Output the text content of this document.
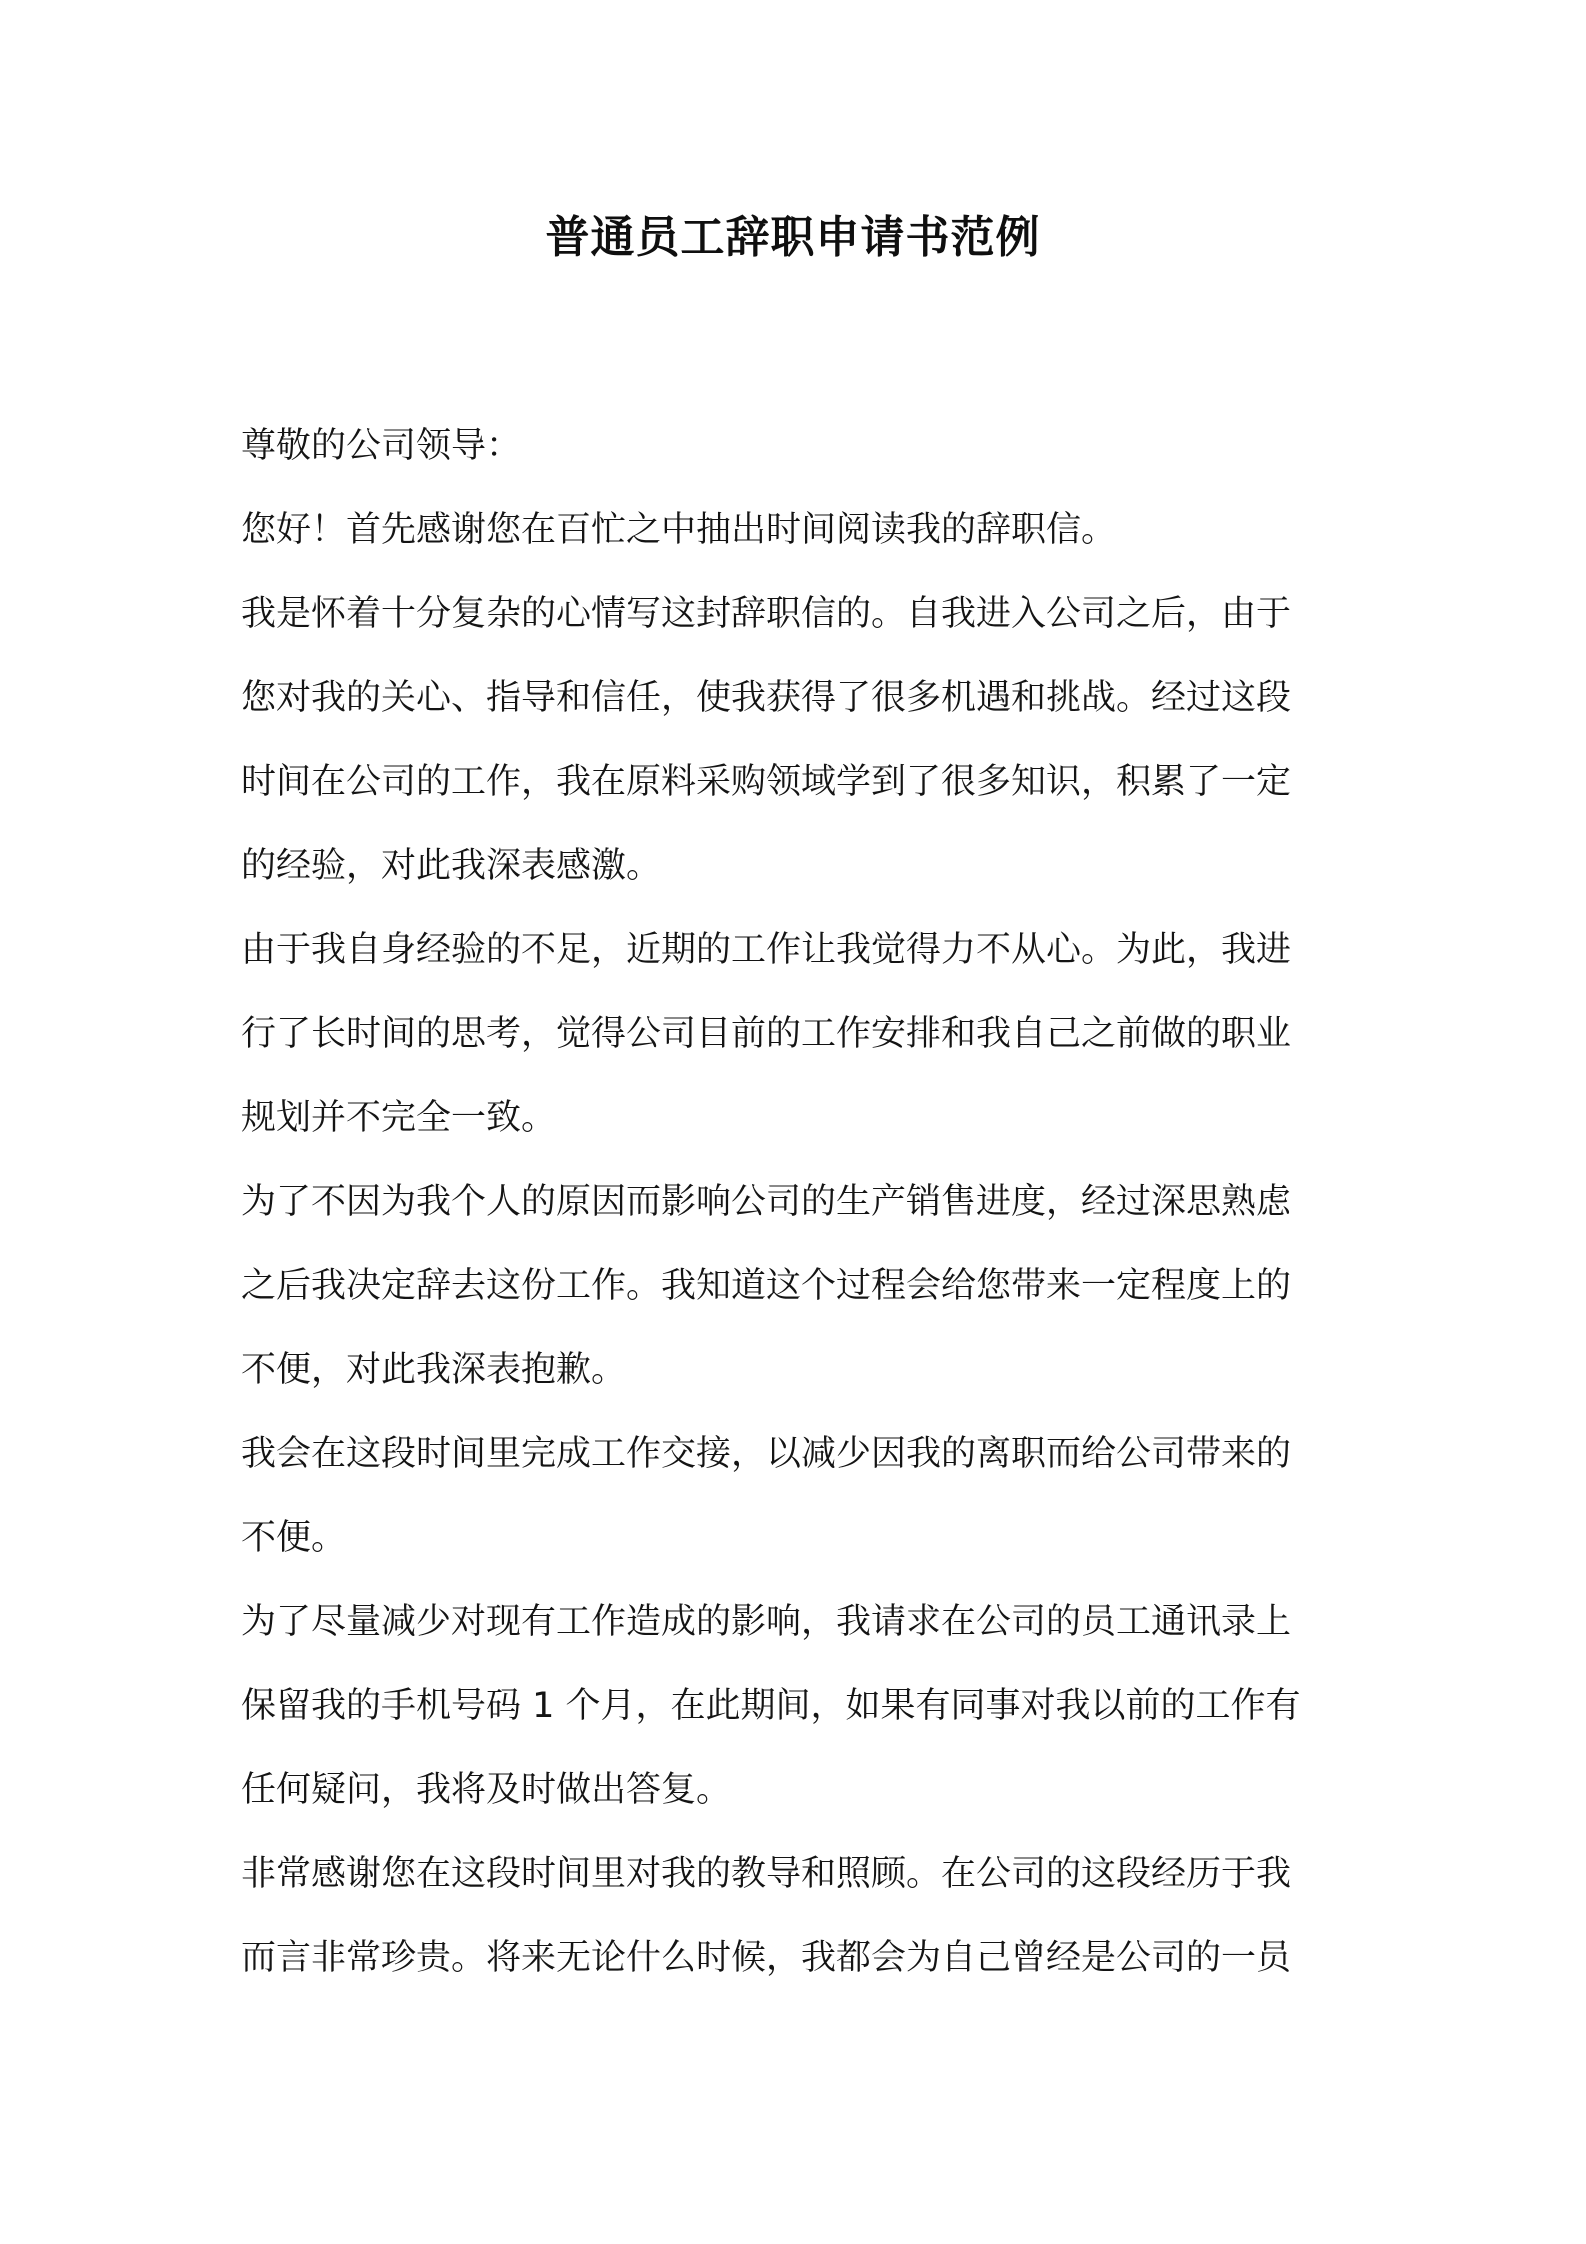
普通员工辞职申请书范例

尊敬的公司领导：

您好！首先感谢您在百忙之中抽出时间阅读我的辞职信。

我是怀着十分复杂的心情写这封辞职信的。自我进入公司之后，由于
您对我的关心、指导和信任，使我获得了很多机遇和挑战。经过这段
时间在公司的工作，我在原料采购领域学到了很多知识，积累了一定
的经验，对此我深表感激。

由于我自身经验的不足，近期的工作让我觉得力不从心。为此，我进
行了长时间的思考，觉得公司目前的工作安排和我自己之前做的职业
规划并不完全一致。

为了不因为我个人的原因而影响公司的生产销售进度，经过深思熟虑
之后我决定辞去这份工作。我知道这个过程会给您带来一定程度上的
不便，对此我深表抱歉。

我会在这段时间里完成工作交接，以减少因我的离职而给公司带来的
不便。

为了尽量减少对现有工作造成的影响，我请求在公司的员工通讯录上
保留我的手机号码 1 个月，在此期间，如果有同事对我以前的工作有
任何疑问，我将及时做出答复。

非常感谢您在这段时间里对我的教导和照顾。在公司的这段经历于我
而言非常珍贵。将来无论什么时候，我都会为自己曾经是公司的一员
